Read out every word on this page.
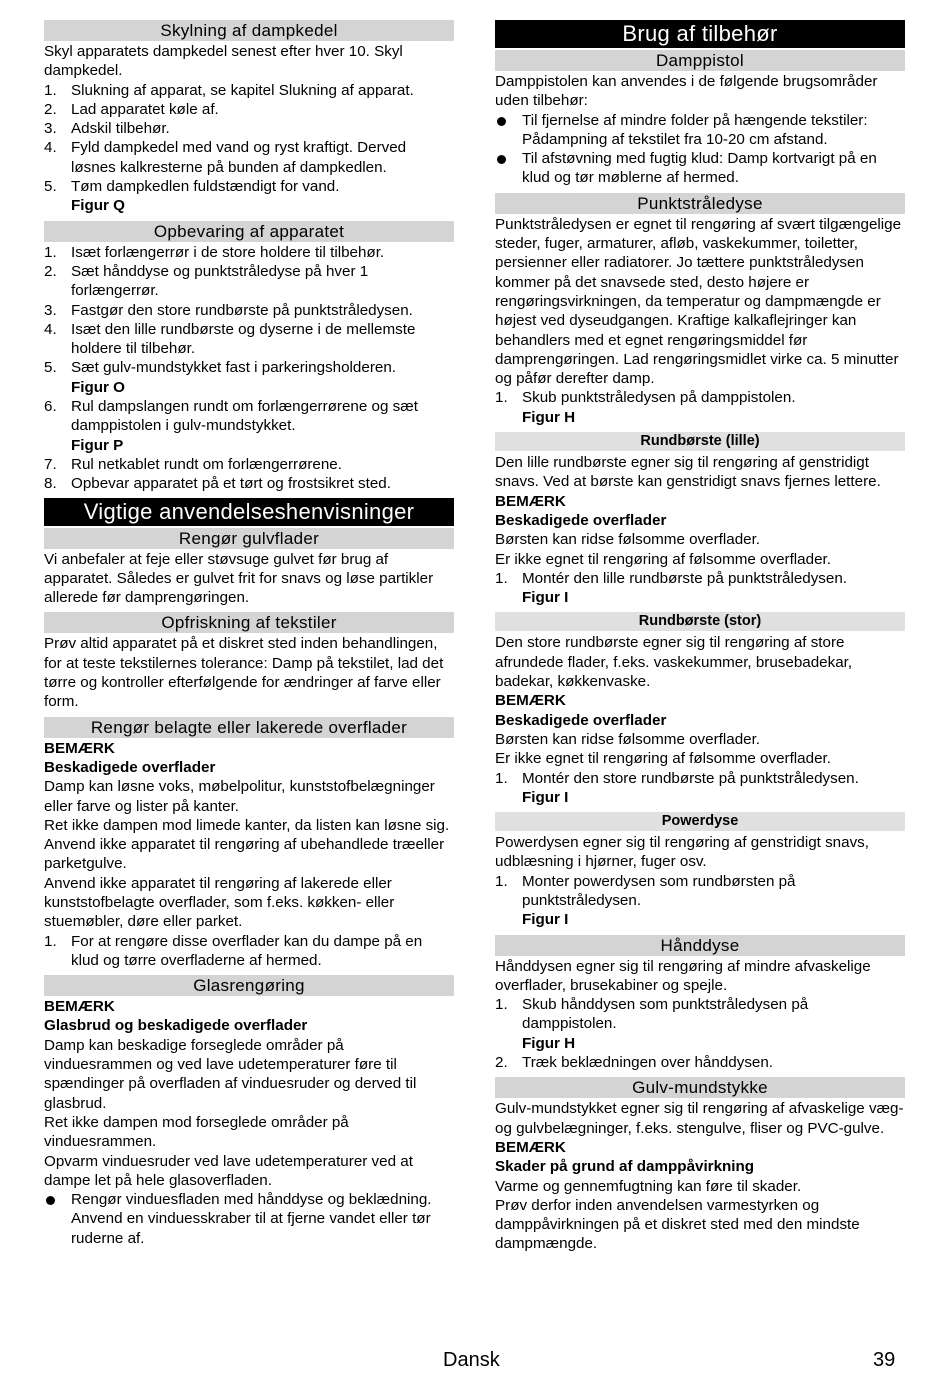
Skylning af dampkedel

Skyl apparatets dampkedel senest efter hver 10. Skyl dampkedel.

1. Slukning af apparat, se kapitel Slukning af apparat.
2. Lad apparatet køle af.
3. Adskil tilbehør.
4. Fyld dampkedel med vand og ryst kraftigt. Derved løsnes kalkresterne på bunden af dampkedlen.
5. Tøm dampkedlen fuldstændigt for vand.

Figur Q

Opbevaring af apparatet
1. Isæt forlængerrør i de store holdere til tilbehør.
2. Sæt hånddyse og punktstråledyse på hver 1 forlængerrør.
3. Fastgør den store rundbørste på punktstråledysen.
4. Isæt den lille rundbørste og dyserne i de mellemste holdere til tilbehør.
5. Sæt gulv-mundstykket fast i parkeringsholderen.

Figur O

6. Rul dampslangen rundt om forlængerrørene og sæt damppistolen i gulv-mundstykket.

Figur P

7. Rul netkablet rundt om forlængerrørene.
8. Opbevar apparatet på et tørt og frostsikret sted.
Vigtige anvendelseshenvisninger
Rengør gulvflader

Vi anbefaler at feje eller støvsuge gulvet før brug af apparatet. Således er gulvet frit for snavs og løse partikler allerede før damprengøringen.

Opfriskning af tekstiler

Prøv altid apparatet på et diskret sted inden behandlingen, for at teste tekstilernes tolerance: Damp på tekstilet, lad det tørre og kontroller efterfølgende for ændringer af farve eller form.

Rengør belagte eller lakerede overflader

BEMÆRK

Beskadigede overflader

Damp kan løsne voks, møbelpolitur, kunststofbelægninger eller farve og lister på kanter.

Ret ikke dampen mod limede kanter, da listen kan løsne sig.

Anvend ikke apparatet til rengøring af ubehandlede træeller parketgulve.

Anvend ikke apparatet til rengøring af lakerede eller kunststofbelagte overflader, som f.eks. køkken- eller stuemøbler, døre eller parket.

1. For at rengøre disse overflader kan du dampe på en klud og tørre overfladerne af hermed.
Glasrengøring

BEMÆRK

Glasbrud og beskadigede overflader

Damp kan beskadige forseglede områder på vinduesrammen og ved lave udetemperaturer føre til spændinger på overfladen af vinduesruder og derved til glasbrud.

Ret ikke dampen mod forseglede områder på vinduesrammen.

Opvarm vinduesruder ved lave udetemperaturer ved at dampe let på hele glasoverfladen.

Rengør vinduesfladen med hånddyse og beklædning. Anvend en vinduesskraber til at fjerne vandet eller tør ruderne af.
Brug af tilbehør
Damppistol

Damppistolen kan anvendes i de følgende brugsområder uden tilbehør:

Til fjernelse af mindre folder på hængende tekstiler: Pådampning af tekstilet fra 10-20 cm afstand.
Til afstøvning med fugtig klud: Damp kortvarigt på en klud og tør møblerne af hermed.
Punktstråledyse

Punktstråledysen er egnet til rengøring af svært tilgængelige steder, fuger, armaturer, afløb, vaskekummer, toiletter, persienner eller radiatorer. Jo tættere punktstråledysen kommer på det snavsede sted, desto højere er rengøringsvirkningen, da temperatur og dampmængde er højest ved dyseudgangen. Kraftige kalkaflejringer kan behandlers med et egnet rengøringsmiddel før damprengøringen. Lad rengøringsmidlet virke ca. 5 minutter og påfør derefter damp.

1. Skub punktstråledysen på damppistolen.

Figur H

Rundbørste (lille)

Den lille rundbørste egner sig til rengøring af genstridigt snavs. Ved at børste kan genstridigt snavs fjernes lettere.

BEMÆRK

Beskadigede overflader

Børsten kan ridse følsomme overflader.

Er ikke egnet til rengøring af følsomme overflader.

1. Montér den lille rundbørste på punktstråledysen.

Figur I

Rundbørste (stor)

Den store rundbørste egner sig til rengøring af store afrundede flader, f.eks. vaskekummer, brusebadekar, badekar, køkkenvaske.

BEMÆRK

Beskadigede overflader

Børsten kan ridse følsomme overflader.

Er ikke egnet til rengøring af følsomme overflader.

1. Montér den store rundbørste på punktstråledysen.

Figur I

Powerdyse

Powerdysen egner sig til rengøring af genstridigt snavs, udblæsning i hjørner, fuger osv.

1. Monter powerdysen som rundbørsten på punktstråledysen.

Figur I

Hånddyse

Hånddysen egner sig til rengøring af mindre afvaskelige overflader, brusekabiner og spejle.

1. Skub hånddysen som punktstråledysen på damppistolen.

Figur H

2. Træk beklædningen over hånddysen.
Gulv-mundstykke

Gulv-mundstykket egner sig til rengøring af afvaskelige væg- og gulvbelægninger, f.eks. stengulve, fliser og PVC-gulve.

BEMÆRK

Skader på grund af damppåvirkning

Varme og gennemfugtning kan føre til skader.

Prøv derfor inden anvendelsen varmestyrken og damppåvirkningen på et diskret sted med den mindste dampmængde.

Dansk	39
